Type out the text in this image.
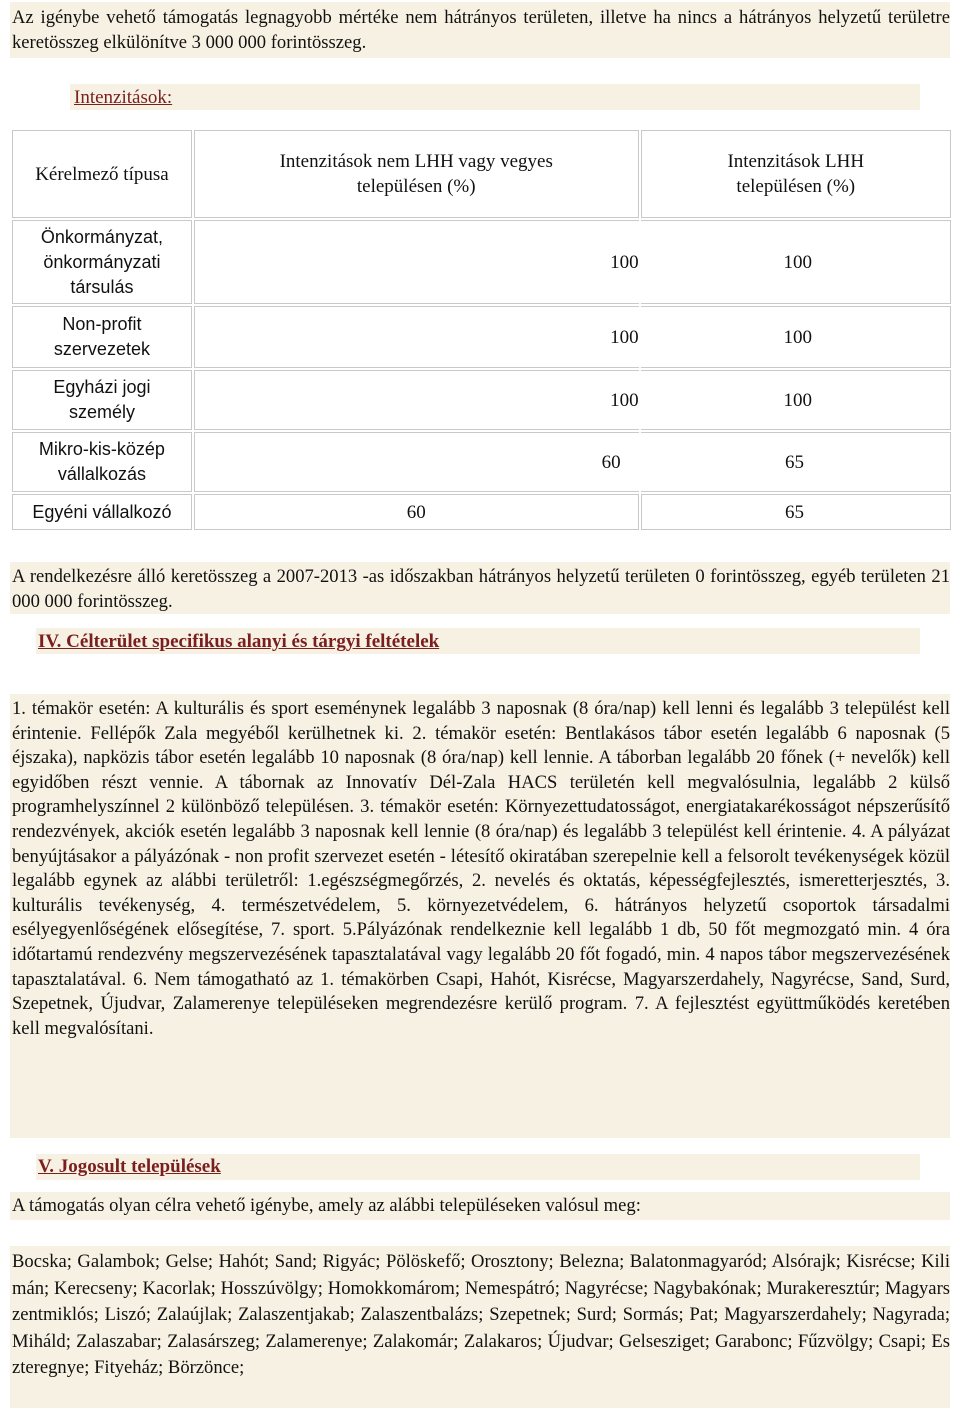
Az igénybe vehető támogatás legnagyobb mértéke nem hátrányos területen, illetve ha nincs a hátrányos helyzetű területre keretösszeg elkülönítve 3 000 000 forintösszeg.
Intenzitások:
Kérelmező típusa	Intenzitások nem LHH vagy vegyes településen (%)	Intenzitások LHH településen (%)
Önkormányzat, önkormányzati társulás	100	100
Non-profit szervezetek	100	100
Egyházi jogi személy	100	100
Mikro-kis-közép vállalkozás	60	65
Egyéni vállalkozó	60	65
A rendelkezésre álló keretösszeg a 2007-2013 -as időszakban hátrányos helyzetű területen 0 forintösszeg, egyéb területen 21 000 000 forintösszeg.
IV. Célterület specifikus alanyi és tárgyi feltételek
1. témakör esetén: A kulturális és sport eseménynek legalább 3 naposnak (8 óra/nap) kell lenni és legalább 3 települést kell érintenie. Fellépők Zala megyéből kerülhetnek ki. 2. témakör esetén: Bentlakásos tábor esetén legalább 6 naposnak (5 éjszaka), napközis tábor esetén legalább 10 naposnak (8 óra/nap) kell lennie. A táborban legalább 20 főnek (+ nevelők) kell egyidőben részt vennie. A tábornak az Innovatív Dél-Zala HACS területén kell megvalósulnia, legalább 2 külső programhelyszínnel 2 különböző településen. 3. témakör esetén: Környezettudatosságot, energiatakarékosságot népszerűsítő rendezvények, akciók esetén legalább 3 naposnak kell lennie (8 óra/nap) és legalább 3 települést kell érintenie. 4. A pályázat benyújtásakor a pályázónak - non profit szervezet esetén - létesítő okiratában szerepelnie kell a felsorolt tevékenységek közül legalább egynek az alábbi területről: 1.egészségmegőrzés, 2. nevelés és oktatás, képességfejlesztés, ismeretterjesztés, 3. kulturális tevékenység, 4. természetvédelem, 5. környezetvédelem, 6. hátrányos helyzetű csoportok társadalmi esélyegyenlőségének elősegítése, 7. sport. 5.Pályázónak rendelkeznie kell legalább 1 db, 50 főt megmozgató min. 4 óra időtartamú rendezvény megszervezésének tapasztalatával vagy legalább 20 főt fogadó, min. 4 napos tábor megszervezésének tapasztalatával. 6. Nem támogatható az 1. témakörben Csapi, Hahót, Kisrécse, Magyarszerdahely, Nagyrécse, Sand, Surd, Szepetnek, Újudvar, Zalamerenye településeken megrendezésre kerülő program. 7. A fejlesztést együttműködés keretében kell megvalósítani.
V. Jogosult települések
A támogatás olyan célra vehető igénybe, amely az alábbi településeken valósul meg:
Bocska; Galambok; Gelse; Hahót; Sand; Rigyác; Pölöskefő; Orosztony; Belezna; Balatonmagyaród; Alsórajk; Kisrécse; Kilimán; Kerecseny; Kacorlak; Hosszúvölgy; Homokkomárom; Nemespátró; Nagyrécse; Nagybakónak; Murakeresztúr; Magyarszentmiklós; Liszó; Zalaújlak; Zalaszentjakab; Zalaszentbalázs; Szepetnek; Surd; Sormás; Pat; Magyarszerdahely; Nagyrada; Miháld; Zalaszabar; Zalasárszeg; Zalamerenye; Zalakomár; Zalakaros; Újudvar; Gelsesziget; Garabonc; Fűzvölgy; Csapi; Eszteregnye; Fityeház; Börzönce;
